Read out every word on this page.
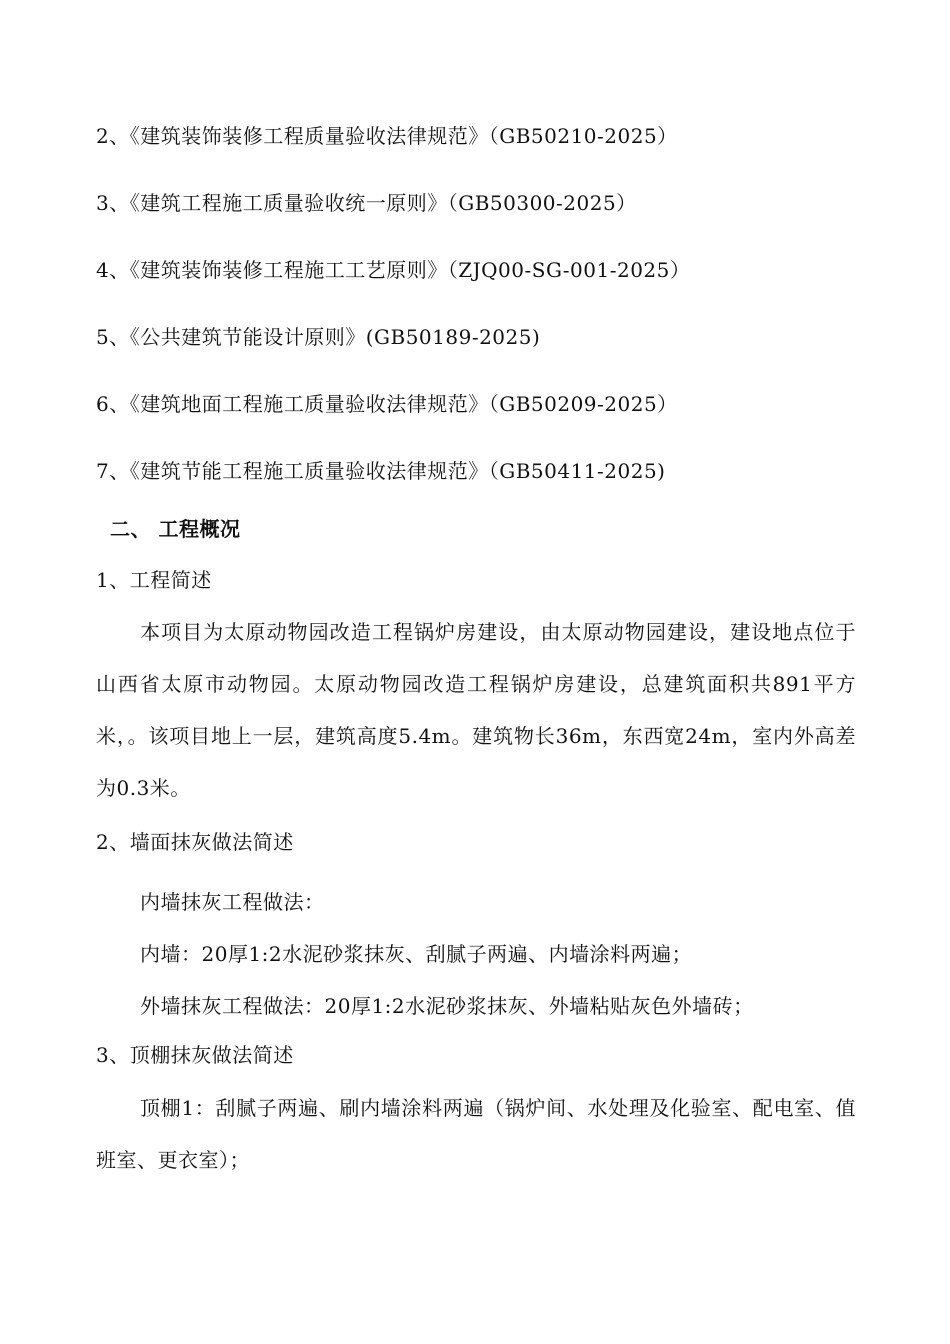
2、《建筑装饰装修工程质量验收法律规范》（GB50210-2025）
3、《建筑工程施工质量验收统一原则》（GB50300-2025）
4、《建筑装饰装修工程施工工艺原则》（ZJQ00-SG-001-2025）
5、《公共建筑节能设计原则》(GB50189-2025)
6、《建筑地面工程施工质量验收法律规范》（GB50209-2025）
7、《建筑节能工程施工质量验收法律规范》（GB50411-2025)
二、 工程概况
1、工程简述
本项目为太原动物园改造工程锅炉房建设，由太原动物园建设，建设地点位于山西省太原市动物园。太原动物园改造工程锅炉房建设，总建筑面积共891平方米，。该项目地上一层，建筑高度5.4m。建筑物长36m，东西宽24m，室内外高差为0.3米。
2、墙面抹灰做法简述
内墙抹灰工程做法：
内墙：20厚1:2水泥砂浆抹灰、刮腻子两遍、内墙涂料两遍；
外墙抹灰工程做法：20厚1:2水泥砂浆抹灰、外墙粘贴灰色外墙砖；
3、顶棚抹灰做法简述
顶棚1：刮腻子两遍、刷内墙涂料两遍（锅炉间、水处理及化验室、配电室、值班室、更衣室）；
